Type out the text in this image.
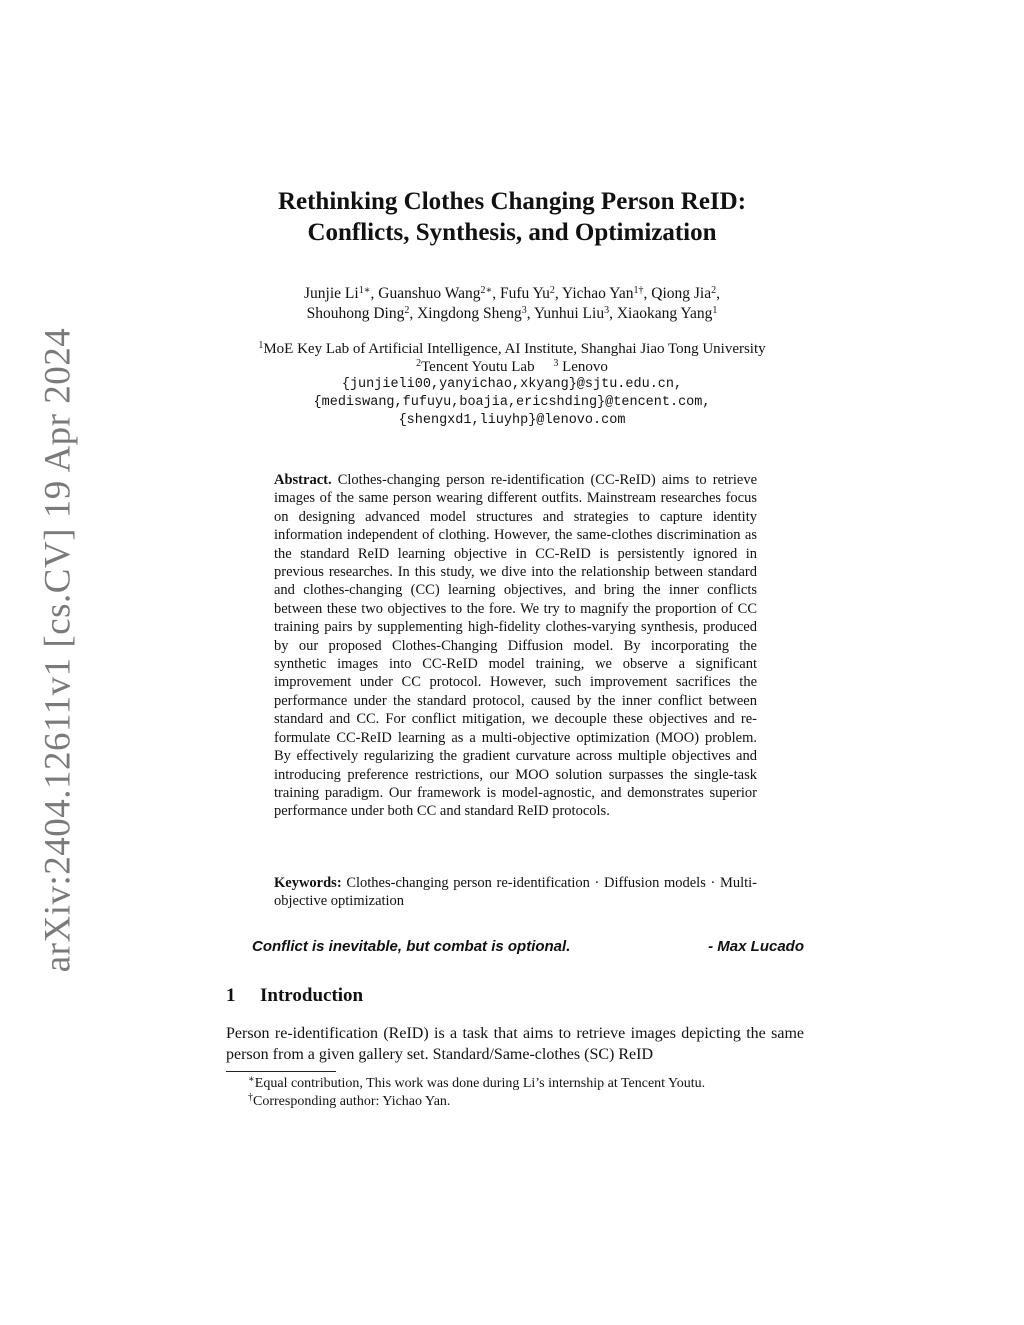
arXiv:2404.12611v1 [cs.CV] 19 Apr 2024
Rethinking Clothes Changing Person ReID:
Conflicts, Synthesis, and Optimization
Junjie $Li^{1∗}$, Guanshuo Wang$^{2∗}$, Fufu Yu$^2$, Yichao Yan$^{1\dagger}$, Qiong Jia$^2$,
Shouhong Ding$^2$, Xingdong Sheng$^3$, Yunhui Liu$^3$, Xiaokang Yang$^1$
$^1$MoE Key Lab of Artificial Intelligence, AI Institute, Shanghai Jiao Tong University
$^2$Tencent Youtu Lab $^3$ Lenovo
{junjieli00,yanyichao,xkyang}@sjtu.edu.cn,
{mediswang,fufuyu,boajia,ericshding}@tencent.com,
{shengxd1,liuyhp}@lenovo.com

Abstract. Clothes-changing person re-identification (CC-ReID) aims to retrieve images of the same person wearing different outfits. Mainstream researches focus on designing advanced model structures and strategies to capture identity information independent of clothing. However, the same-clothes discrimination as the standard ReID learning objective in CC-ReID is persistently ignored in previous researches. In this study, we dive into the relationship between standard and clothes-changing (CC) learning objectives, and bring the inner conflicts between these two objectives to the fore. We try to magnify the proportion of CC training pairs by supplementing high-fidelity clothes-varying synthesis, produced by our proposed Clothes-Changing Diffusion model. By incorporating the synthetic images into CC-ReID model training, we observe a significant improvement under CC protocol. However, such improvement sacrifices the performance under the standard protocol, caused by the inner conflict between standard and CC. For conflict mitigation, we decouple these objectives and re-formulate CC-ReID learning as a multi-objective optimization (MOO) problem. By effectively regularizing the gradient curvature across multiple objectives and introducing preference restrictions, our MOO solution surpasses the single-task training paradigm. Our framework is model-agnostic, and demonstrates superior performance under both CC and standard ReID protocols.

Keywords: Clothes-changing person re-identification · Diffusion models · Multi-objective optimization

Conflict is inevitable, but combat is optional.	- Max Lucado
1 Introduction

Person re-identification (ReID) is a task that aims to retrieve images depicting the same person from a given gallery set. Standard/Same-clothes (SC) ReID

∗Equal contribution, This work was done during Li’s internship at Tencent Youtu.
†Corresponding author: Yichao Yan.
